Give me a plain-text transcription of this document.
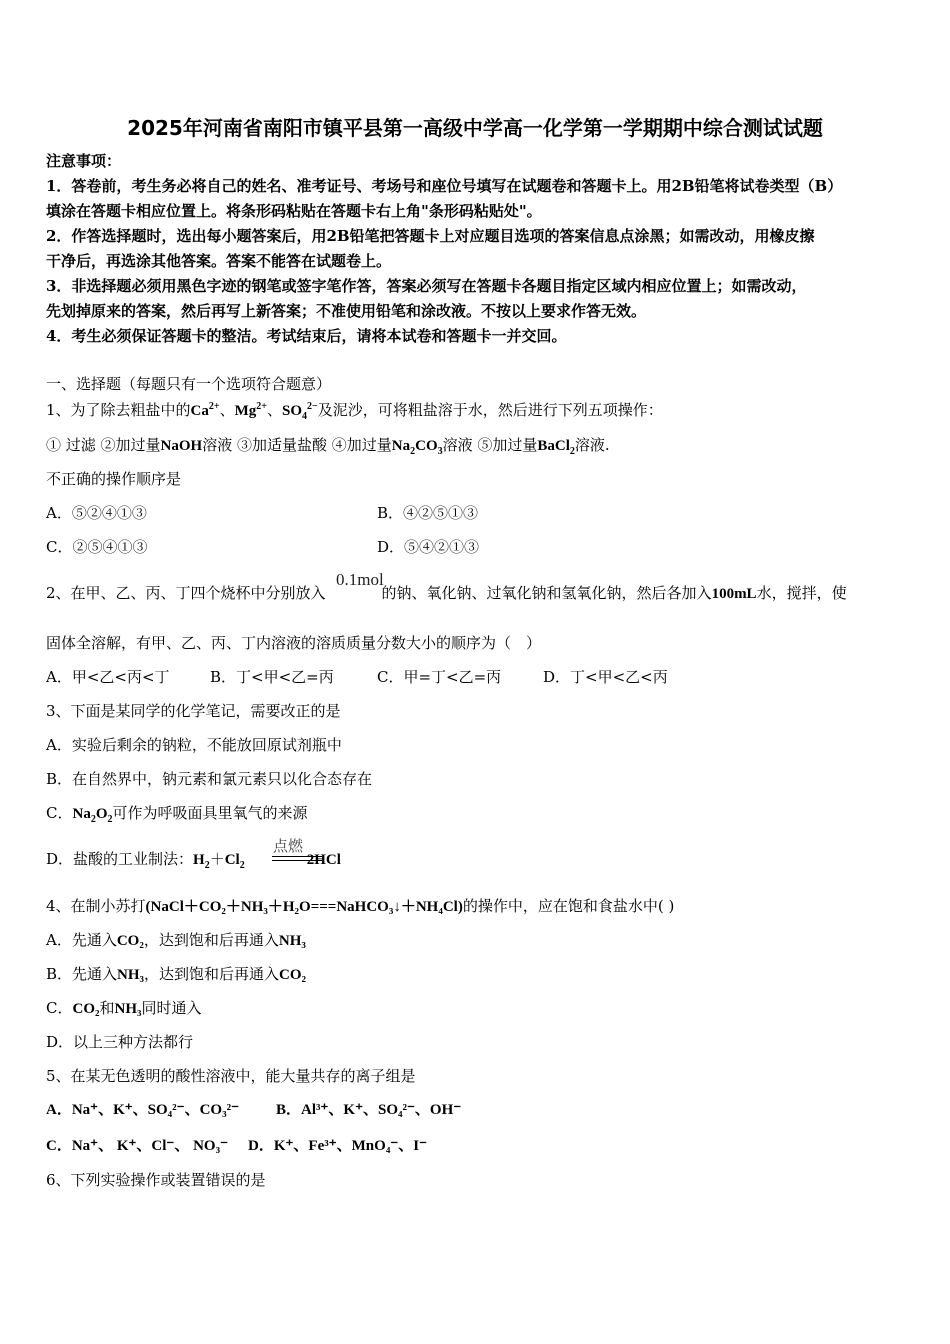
2025年河南省南阳市镇平县第一高级中学高一化学第一学期期中综合测试试题
注意事项：
1．答卷前，考生务必将自己的姓名、准考证号、考场号和座位号填写在试题卷和答题卡上。用2B铅笔将试卷类型（B）
填涂在答题卡相应位置上。将条形码粘贴在答题卡右上角"条形码粘贴处"。
2．作答选择题时，选出每小题答案后，用2B铅笔把答题卡上对应题目选项的答案信息点涂黑；如需改动，用橡皮擦
干净后，再选涂其他答案。答案不能答在试题卷上。
3．非选择题必须用黑色字迹的钢笔或签字笔作答，答案必须写在答题卡各题目指定区域内相应位置上；如需改动，
先划掉原来的答案，然后再写上新答案；不准使用铅笔和涂改液。不按以上要求作答无效。
4．考生必须保证答题卡的整洁。考试结束后，请将本试卷和答题卡一并交回。
一、选择题（每题只有一个选项符合题意）
1、为了除去粗盐中的$Ca^{2+}$、$Mg^{2+}$、$SO_4^{2-}$及泥沙，可将粗盐溶于水，然后进行下列五项操作：
① 过滤 ②加过量NaOH溶液 ③加适量盐酸 ④加过量$Na_2CO_3$溶液 ⑤加过量BaCl$_2$溶液.
不正确的操作顺序是
A．⑤②④①③	B．④②⑤①③
C．②⑤④①③	D．⑤④②①③
0.1mol
2、在甲、乙、丙、丁四个烧杯中分别放入	的钠、氧化钠、过氧化钠和氢氧化钠，然后各加入100mL水，搅拌，使
固体全溶解，有甲、乙、丙、丁内溶液的溶质质量分数大小的顺序为（　）
A．甲<乙<丙<丁	B．丁<甲<乙=丙	C．甲=丁<乙=丙	D．丁<甲<乙<丙
3、下面是某同学的化学笔记，需要改正的是
A．实验后剩余的钠粒，不能放回原试剂瓶中
B．在自然界中，钠元素和氯元素只以化合态存在
C．$Na_2O_2$可作为呼吸面具里氧气的来源
点燃
D．盐酸的工业制法：$H_2+Cl_2$	2HCl
4、在制小苏打(NaCl＋CO₂＋NH₃＋H₂O===NaHCO₃↓＋NH₄Cl)的操作中，应在饱和食盐水中( )
A．先通入CO₂，达到饱和后再通入NH₃
B．先通入NH₃，达到饱和后再通入CO₂
C．CO₂和NH₃同时通入
D．以上三种方法都行
5、在某无色透明的酸性溶液中，能大量共存的离子组是
A．Na⁺、K⁺、SO₄²⁻、CO₃²⁻ B．Al³⁺、K⁺、SO₄²⁻、OH⁻
C．Na⁺、 K⁺、Cl⁻、 NO₃⁻ D．K⁺、Fe³⁺、MnO₄⁻、I⁻
6、下列实验操作或装置错误的是
